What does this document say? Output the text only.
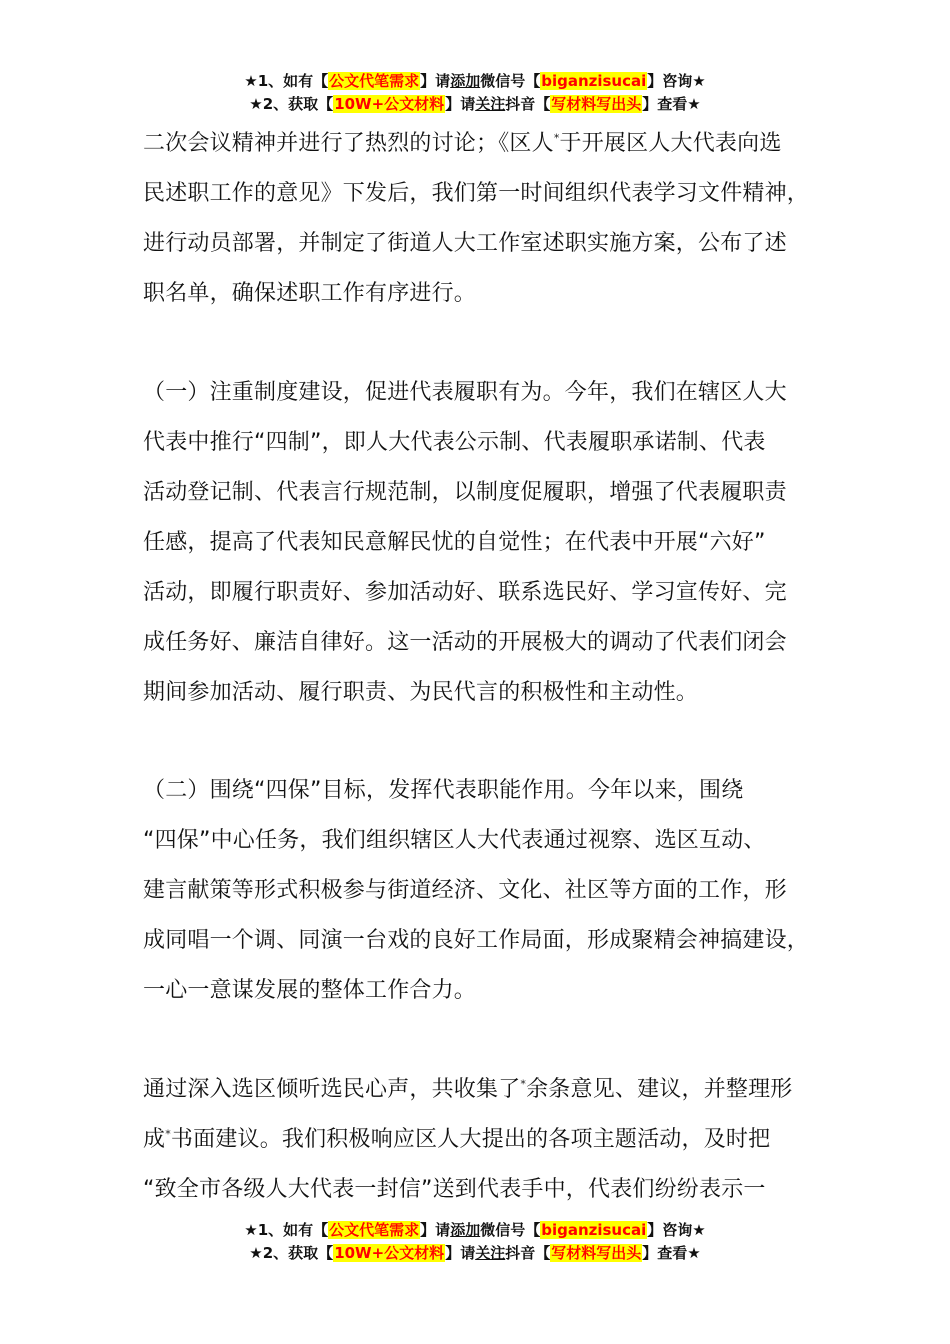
★1、如有【公文代笔需求】请添加微信号【biganzisucai】咨询★
★2、获取【10W+公文材料】请关注抖音【写材料写出头】查看★
二次会议精神并进行了热烈的讨论；《区人*于开展区人大代表向选
民述职工作的意见》下发后，我们第一时间组织代表学习文件精神，
进行动员部署，并制定了街道人大工作室述职实施方案，公布了述
职名单，确保述职工作有序进行。
（一）注重制度建设，促进代表履职有为。今年，我们在辖区人大
代表中推行“四制”，即人大代表公示制、代表履职承诺制、代表
活动登记制、代表言行规范制，以制度促履职，增强了代表履职责
任感，提高了代表知民意解民忧的自觉性；在代表中开展“六好”
活动，即履行职责好、参加活动好、联系选民好、学习宣传好、完
成任务好、廉洁自律好。这一活动的开展极大的调动了代表们闭会
期间参加活动、履行职责、为民代言的积极性和主动性。
（二）围绕“四保”目标，发挥代表职能作用。今年以来，围绕
“四保”中心任务，我们组织辖区人大代表通过视察、选区互动、
建言献策等形式积极参与街道经济、文化、社区等方面的工作，形
成同唱一个调、同演一台戏的良好工作局面，形成聚精会神搞建设，
一心一意谋发展的整体工作合力。
通过深入选区倾听选民心声，共收集了*余条意见、建议，并整理形
成*书面建议。我们积极响应区人大提出的各项主题活动，及时把
“致全市各级人大代表一封信”送到代表手中，代表们纷纷表示一
★1、如有【公文代笔需求】请添加微信号【biganzisucai】咨询★
★2、获取【10W+公文材料】请关注抖音【写材料写出头】查看★
